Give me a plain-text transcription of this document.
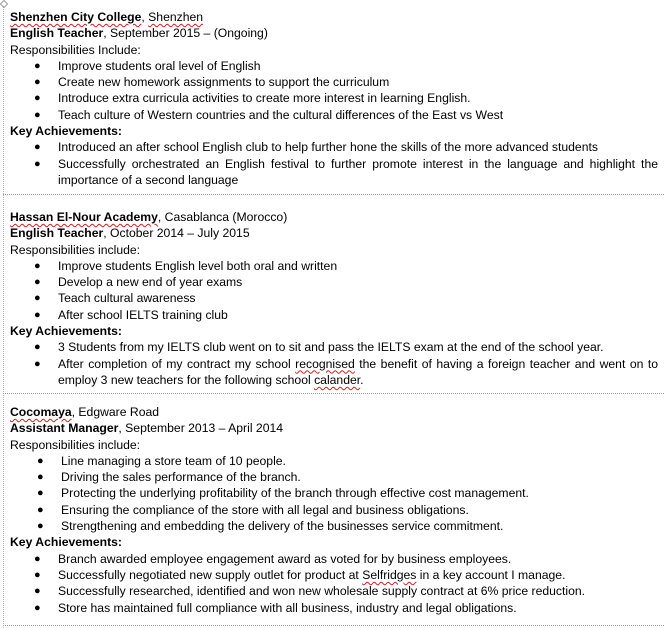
Shenzhen City College, Shenzhen
English Teacher, September 2015 – (Ongoing)
Responsibilities Include:
● Improve students oral level of English
● Create new homework assignments to support the curriculum
● Introduce extra curricula activities to create more interest in learning English.
● Teach culture of Western countries and the cultural differences of the East vs West
Key Achievements:
● Introduced an after school English club to help further hone the skills of the more advanced students
● Successfully orchestrated an English festival to further promote interest in the language and highlight the importance of a second language
Hassan El-Nour Academy, Casablanca (Morocco)
English Teacher, October 2014 – July 2015
Responsibilities include:
● Improve students English level both oral and written
● Develop a new end of year exams
● Teach cultural awareness
● After school IELTS training club
Key Achievements:
● 3 Students from my IELTS club went on to sit and pass the IELTS exam at the end of the school year.
● After completion of my contract my school recognised the benefit of having a foreign teacher and went on to employ 3 new teachers for the following school calander.
Cocomaya, Edgware Road
Assistant Manager, September 2013 – April 2014
Responsibilities include:
● Line managing a store team of 10 people.
● Driving the sales performance of the branch.
● Protecting the underlying profitability of the branch through effective cost management.
● Ensuring the compliance of the store with all legal and business obligations.
● Strengthening and embedding the delivery of the businesses service commitment.
Key Achievements:
● Branch awarded employee engagement award as voted for by business employees.
● Successfully negotiated new supply outlet for product at Selfridges in a key account I manage.
● Successfully researched, identified and won new wholesale supply contract at 6% price reduction.
● Store has maintained full compliance with all business, industry and legal obligations.
